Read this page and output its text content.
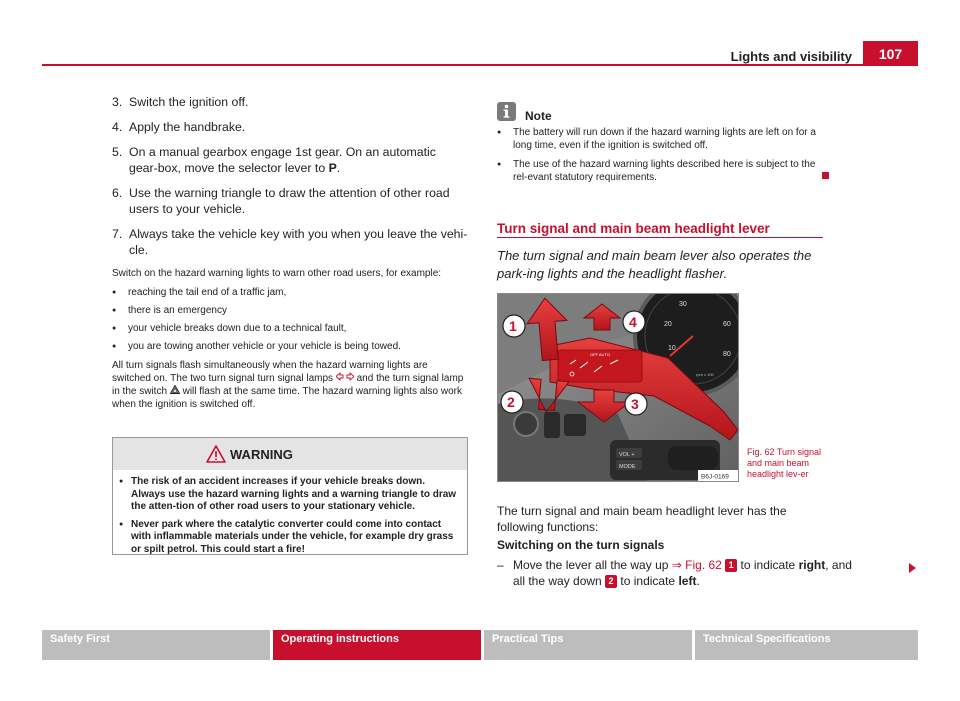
Lights and visibility	107
3. Switch the ignition off.
4. Apply the handbrake.
5. On a manual gearbox engage 1st gear. On an automatic gear-box, move the selector lever to P.
6. Use the warning triangle to draw the attention of other road users to your vehicle.
7. Always take the vehicle key with you when you leave the vehi-cle.

Switch on the hazard warning lights to warn other road users, for example:

● reaching the tail end of a traffic jam,
● there is an emergency
● your vehicle breaks down due to a technical fault,
● you are towing another vehicle or your vehicle is being towed.

All turn signals flash simultaneously when the hazard warning lights are switched on. The two turn signal turn signal lamps and the turn signal lamp in the switch will flash at the same time. The hazard warning lights also work when the ignition is switched off.

WARNING
● The risk of an accident increases if your vehicle breaks down. Always use the hazard warning lights and a warning triangle to draw the atten-tion of other road users to your stationary vehicle.
● Never park where the catalytic converter could come into contact with inflammable materials under the vehicle, for example dry grass or spilt petrol. This could start a fire!
Note
● The battery will run down if the hazard warning lights are left on for a long time, even if the ignition is switched off.
● The use of the hazard warning lights described here is subject to the rel-evant statutory requirements.
Turn signal and main beam headlight lever
The turn signal and main beam lever also operates the park-ing lights and the headlight flasher.
20
30
10
60
80
rpm x 100
VOL +
MODE
OFF AUTO
1
2	3
4
B6J-0169
Fig. 62 Turn signal and main beam headlight lev-er
The turn signal and main beam headlight lever has the following functions:
Switching on the turn signals
– Move the lever all the way up ⇒ Fig. 62 1 to indicate right, and all the way down 2 to indicate left.
Safety First	Operating instructions	Practical Tips	Technical Specifications
